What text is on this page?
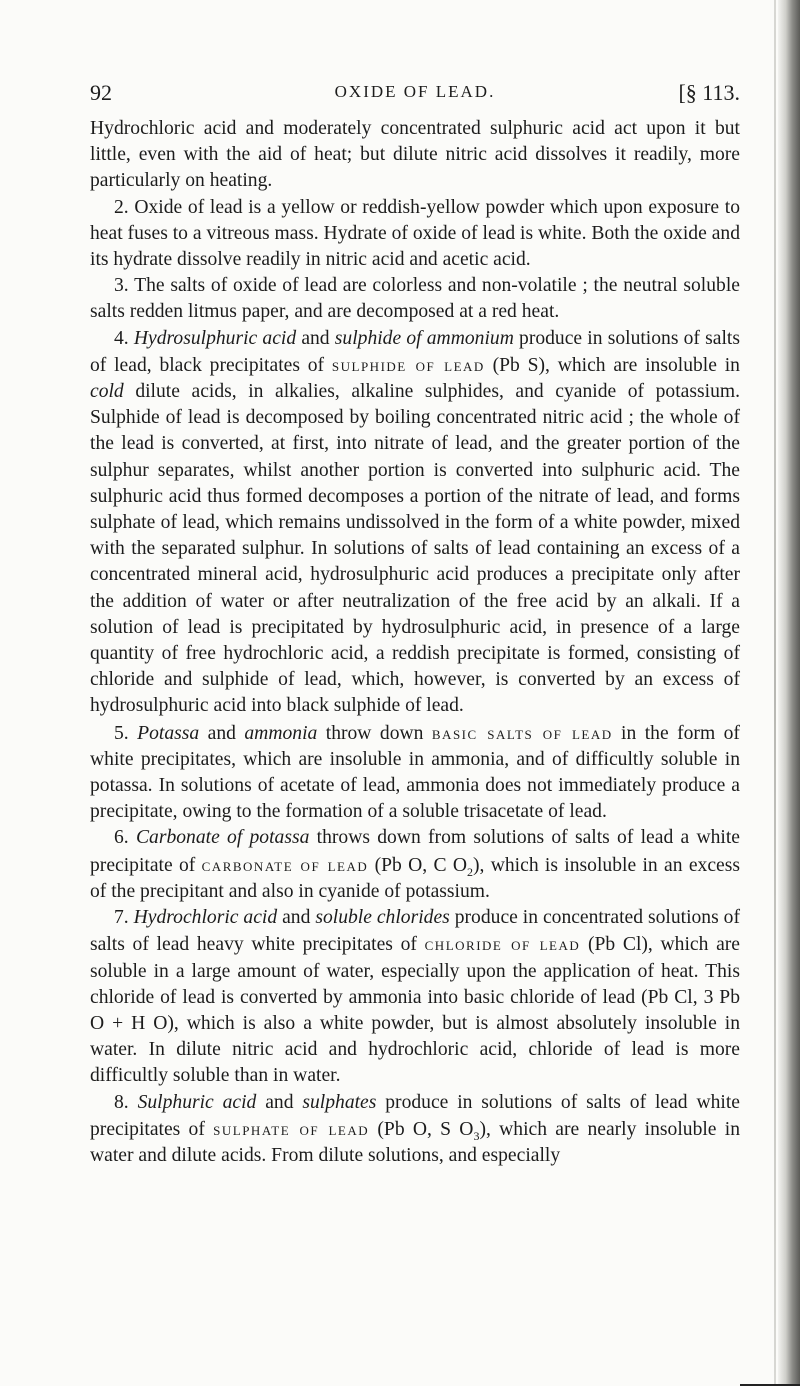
92	OXIDE OF LEAD.	[§ 113.

Hydrochloric acid and moderately concentrated sulphuric acid act upon it but little, even with the aid of heat; but dilute nitric acid dissolves it readily, more particularly on heating.

2. Oxide of lead is a yellow or reddish-yellow powder which upon exposure to heat fuses to a vitreous mass. Hydrate of oxide of lead is white. Both the oxide and its hydrate dissolve readily in nitric acid and acetic acid.

3. The salts of oxide of lead are colorless and non-volatile ; the neutral soluble salts redden litmus paper, and are decomposed at a red heat.

4. Hydrosulphuric acid and sulphide of ammonium produce in solutions of salts of lead, black precipitates of sulphide of lead (Pb S), which are insoluble in cold dilute acids, in alkalies, alkaline sulphides, and cyanide of potassium. Sulphide of lead is decomposed by boiling concentrated nitric acid ; the whole of the lead is converted, at first, into nitrate of lead, and the greater portion of the sulphur separates, whilst another portion is converted into sulphuric acid. The sulphuric acid thus formed decomposes a portion of the nitrate of lead, and forms sulphate of lead, which remains undissolved in the form of a white powder, mixed with the separated sulphur. In solutions of salts of lead containing an excess of a concentrated mineral acid, hydrosulphuric acid produces a precipitate only after the addition of water or after neutralization of the free acid by an alkali. If a solution of lead is precipitated by hydrosulphuric acid, in presence of a large quantity of free hydrochloric acid, a reddish precipitate is formed, consisting of chloride and sulphide of lead, which, however, is converted by an excess of hydrosulphuric acid into black sulphide of lead.

5. Potassa and ammonia throw down basic salts of lead in the form of white precipitates, which are insoluble in ammonia, and of difficultly soluble in potassa. In solutions of acetate of lead, ammonia does not immediately produce a precipitate, owing to the formation of a soluble trisacetate of lead.

6. Carbonate of potassa throws down from solutions of salts of lead a white precipitate of carbonate of lead (Pb O, C $O_2$), which is insoluble in an excess of the precipitant and also in cyanide of potassium.

7. Hydrochloric acid and soluble chlorides produce in concentrated solutions of salts of lead heavy white precipitates of chloride of lead (Pb Cl), which are soluble in a large amount of water, especially upon the application of heat. This chloride of lead is converted by ammonia into basic chloride of lead (Pb Cl, 3 Pb O + H O), which is also a white powder, but is almost absolutely insoluble in water. In dilute nitric acid and hydrochloric acid, chloride of lead is more difficultly soluble than in water.

8. Sulphuric acid and sulphates produce in solutions of salts of lead white precipitates of sulphate of lead (Pb O, S $O_3$), which are nearly insoluble in water and dilute acids. From dilute solutions, and especially
